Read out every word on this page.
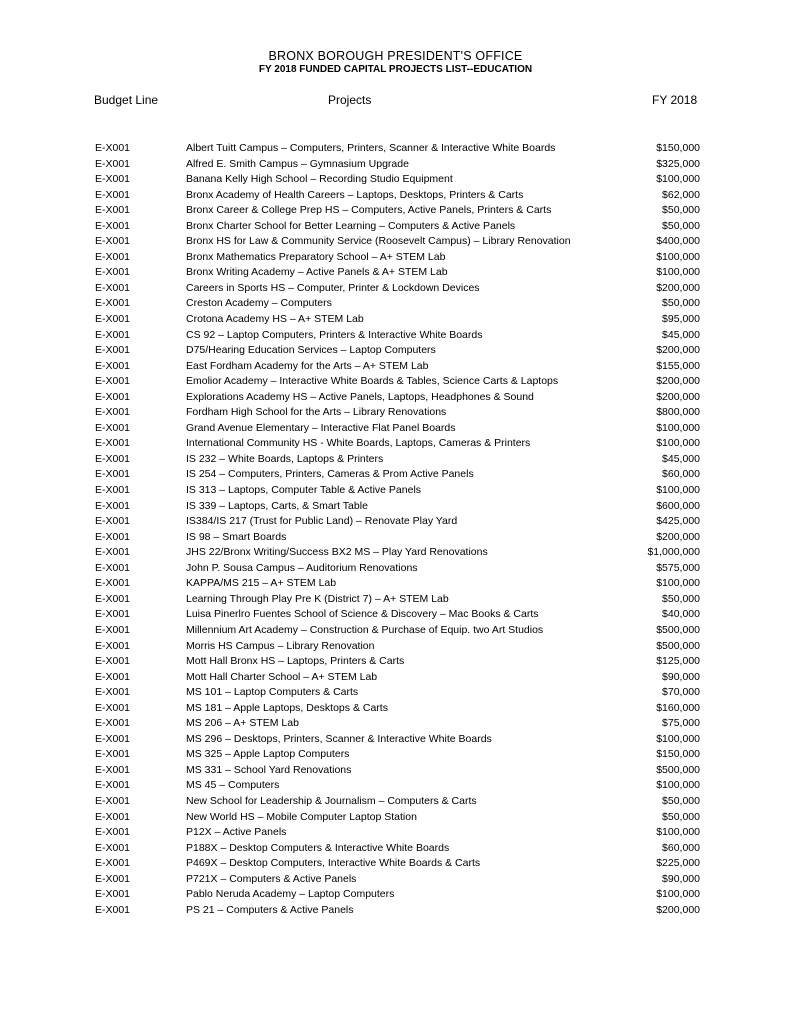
BRONX BOROUGH PRESIDENT'S OFFICE
FY 2018 FUNDED CAPITAL PROJECTS LIST--EDUCATION
Budget Line	Projects	FY 2018
E-X001	Albert Tuitt Campus – Computers, Printers, Scanner & Interactive White Boards	$150,000
E-X001	Alfred E. Smith Campus – Gymnasium Upgrade	$325,000
E-X001	Banana Kelly High School – Recording Studio Equipment	$100,000
E-X001	Bronx Academy of Health Careers – Laptops, Desktops, Printers & Carts	$62,000
E-X001	Bronx Career & College Prep HS – Computers, Active Panels, Printers & Carts	$50,000
E-X001	Bronx Charter School for Better Learning – Computers & Active Panels	$50,000
E-X001	Bronx HS for Law & Community Service (Roosevelt Campus) – Library Renovation	$400,000
E-X001	Bronx Mathematics Preparatory School – A+ STEM Lab	$100,000
E-X001	Bronx Writing Academy – Active Panels & A+ STEM Lab	$100,000
E-X001	Careers in Sports HS – Computer, Printer & Lockdown Devices	$200,000
E-X001	Creston Academy – Computers	$50,000
E-X001	Crotona Academy HS – A+ STEM Lab	$95,000
E-X001	CS 92 – Laptop Computers, Printers & Interactive White Boards	$45,000
E-X001	D75/Hearing Education Services – Laptop Computers	$200,000
E-X001	East Fordham Academy for the Arts – A+ STEM Lab	$155,000
E-X001	Emolior Academy – Interactive White Boards & Tables, Science Carts & Laptops	$200,000
E-X001	Explorations Academy HS – Active Panels, Laptops, Headphones & Sound	$200,000
E-X001	Fordham High School for the Arts – Library Renovations	$800,000
E-X001	Grand Avenue Elementary – Interactive Flat Panel Boards	$100,000
E-X001	International Community HS - White Boards, Laptops, Cameras & Printers	$100,000
E-X001	IS 232 – White Boards, Laptops & Printers	$45,000
E-X001	IS 254 – Computers, Printers, Cameras & Prom Active Panels	$60,000
E-X001	IS 313 – Laptops, Computer Table & Active Panels	$100,000
E-X001	IS 339 – Laptops, Carts, & Smart Table	$600,000
E-X001	IS384/IS 217 (Trust for Public Land) – Renovate Play Yard	$425,000
E-X001	IS 98 – Smart Boards	$200,000
E-X001	JHS 22/Bronx Writing/Success BX2 MS – Play Yard Renovations	$1,000,000
E-X001	John P. Sousa Campus – Auditorium Renovations	$575,000
E-X001	KAPPA/MS 215 – A+ STEM Lab	$100,000
E-X001	Learning Through Play Pre K (District 7) – A+ STEM Lab	$50,000
E-X001	Luisa Pinerlro Fuentes School of Science & Discovery – Mac Books & Carts	$40,000
E-X001	Millennium Art Academy – Construction & Purchase of Equip. two Art Studios	$500,000
E-X001	Morris HS Campus – Library Renovation	$500,000
E-X001	Mott Hall Bronx HS – Laptops, Printers & Carts	$125,000
E-X001	Mott Hall Charter School – A+ STEM Lab	$90,000
E-X001	MS 101 – Laptop Computers & Carts	$70,000
E-X001	MS 181 – Apple Laptops, Desktops & Carts	$160,000
E-X001	MS 206 – A+ STEM Lab	$75,000
E-X001	MS 296 – Desktops, Printers, Scanner & Interactive White Boards	$100,000
E-X001	MS 325 – Apple Laptop Computers	$150,000
E-X001	MS 331 – School Yard Renovations	$500,000
E-X001	MS 45 – Computers	$100,000
E-X001	New School for Leadership & Journalism – Computers & Carts	$50,000
E-X001	New World HS – Mobile Computer Laptop Station	$50,000
E-X001	P12X – Active Panels	$100,000
E-X001	P188X – Desktop Computers & Interactive White Boards	$60,000
E-X001	P469X – Desktop Computers, Interactive White Boards & Carts	$225,000
E-X001	P721X – Computers & Active Panels	$90,000
E-X001	Pablo Neruda Academy – Laptop Computers	$100,000
E-X001	PS 21 – Computers & Active Panels	$200,000
